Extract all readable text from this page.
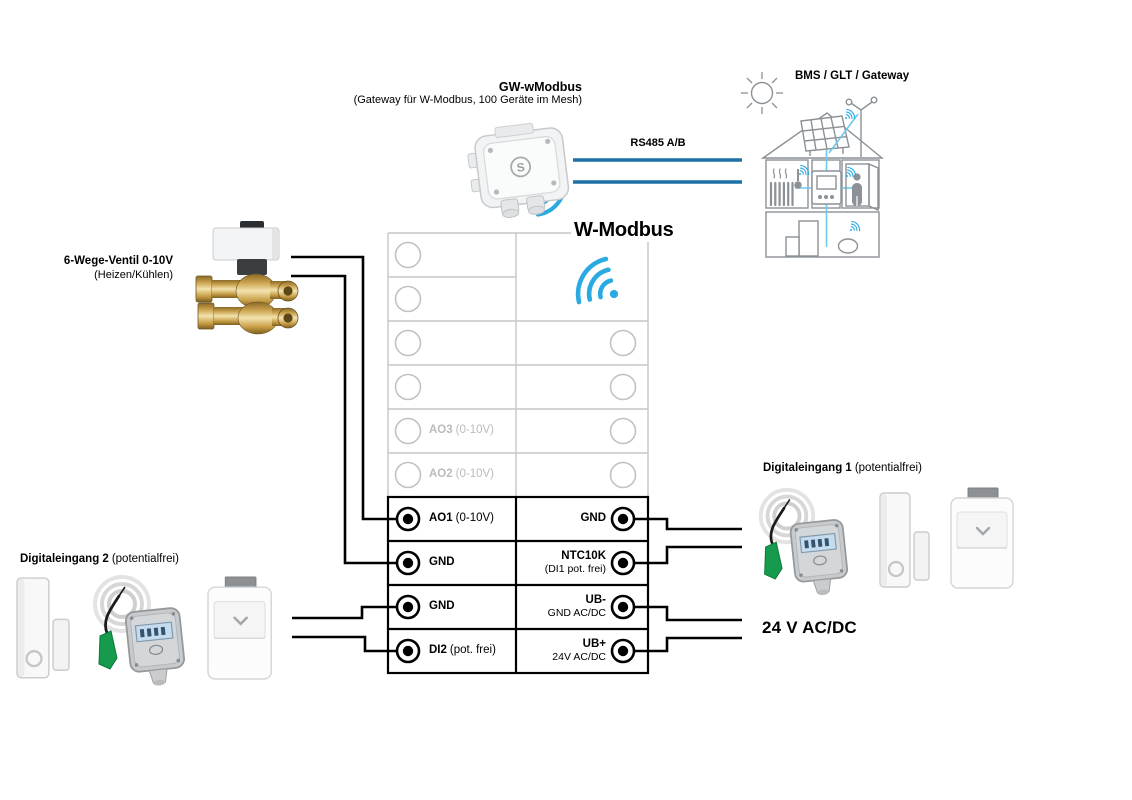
S
GW-wModbus
(Gateway für W-Modbus, 100 Geräte im Mesh)
BMS / GLT / Gateway
RS485 A/B
W-Modbus
6-Wege-Ventil 0-10V
(Heizen/Kühlen)
Digitaleingang 2 (potentialfrei)
Digitaleingang 1 (potentialfrei)
24 V AC/DC
AO3 (0-10V)
AO2 (0-10V)
AO1 (0-10V)
GND
GND
DI2 (pot. frei)
GND
NTC10K
(DI1 pot. frei)
UB-
GND AC/DC
UB+
24V AC/DC
